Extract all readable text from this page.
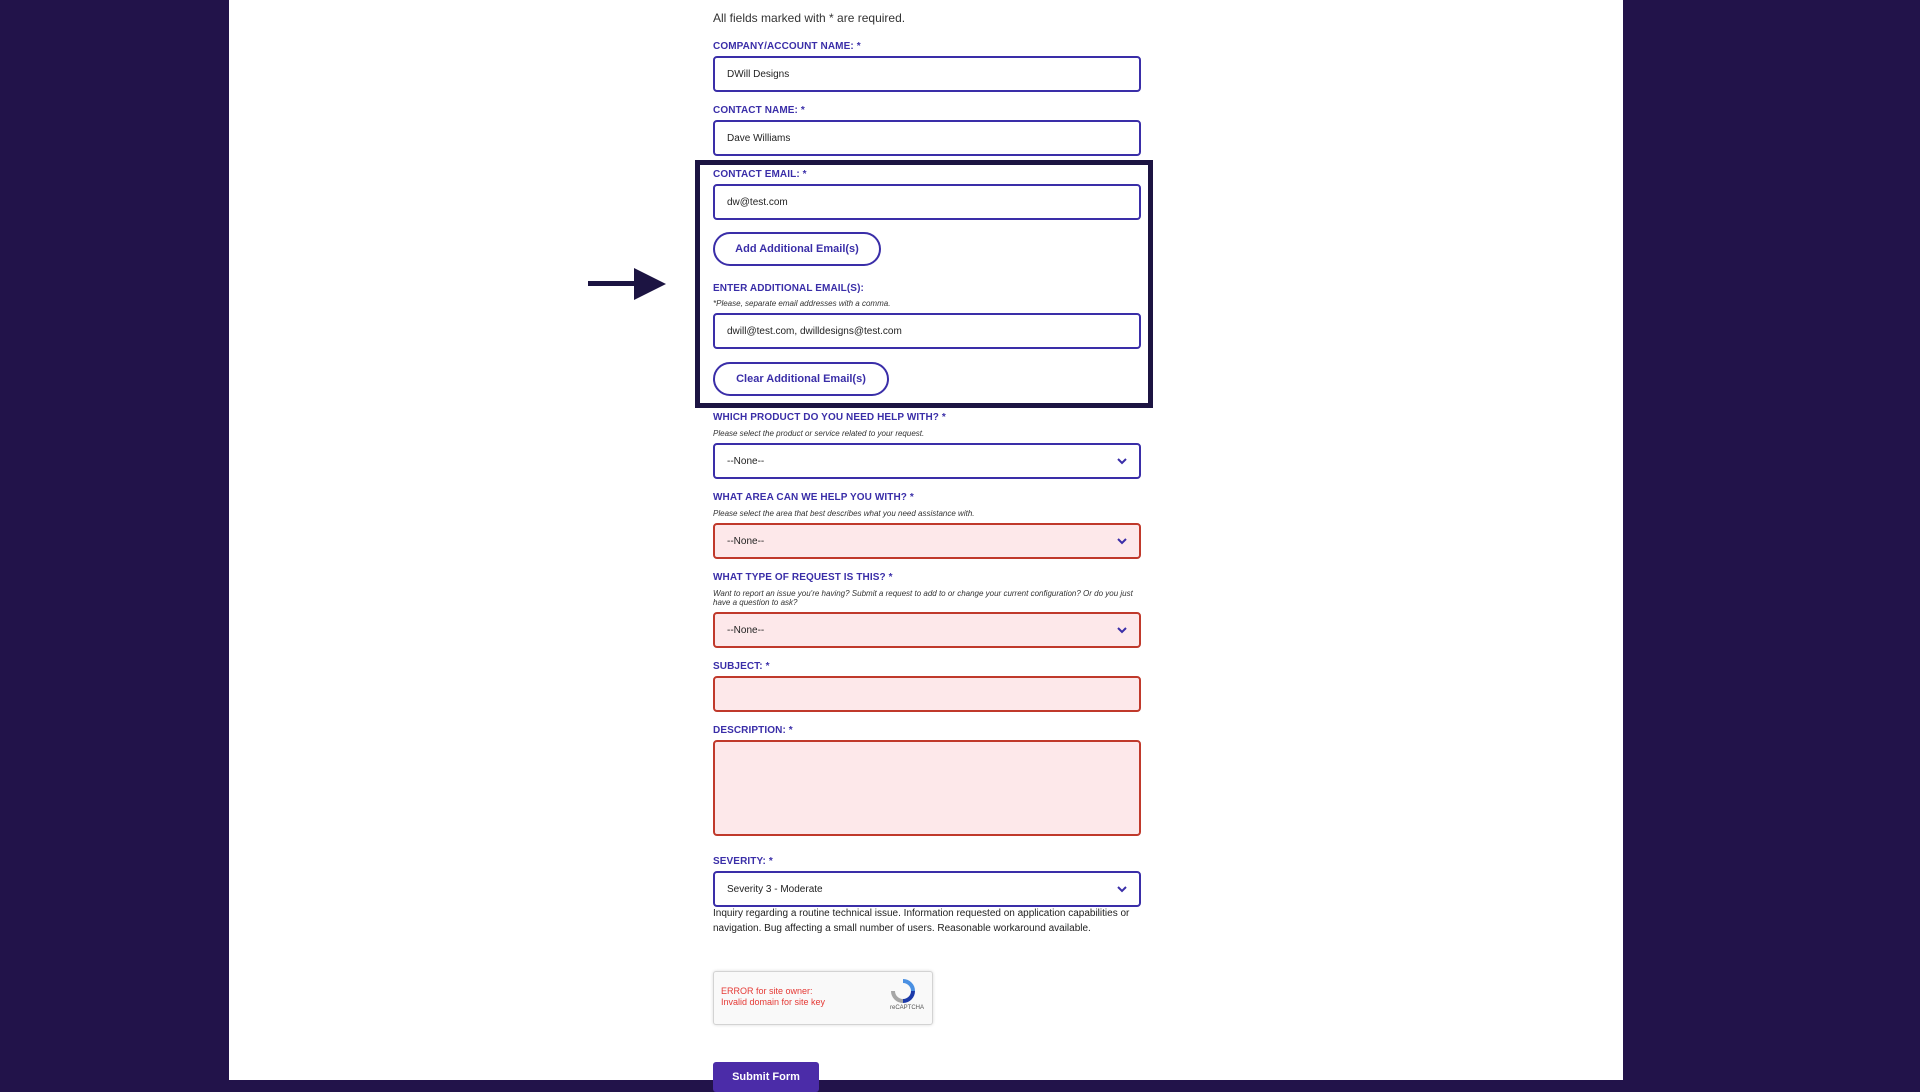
All fields marked with * are required.
COMPANY/ACCOUNT NAME: *
DWill Designs
CONTACT NAME: *
Dave Williams
CONTACT EMAIL: *
dw@test.com
Add Additional Email(s)
ENTER ADDITIONAL EMAIL(S):
*Please, separate email addresses with a comma.
dwill@test.com, dwilldesigns@test.com
Clear Additional Email(s)
WHICH PRODUCT DO YOU NEED HELP WITH? *
Please select the product or service related to your request.
--None--
WHAT AREA CAN WE HELP YOU WITH? *
Please select the area that best describes what you need assistance with.
--None--
WHAT TYPE OF REQUEST IS THIS? *
Want to report an issue you're having? Submit a request to add to or change your current configuration? Or do you just have a question to ask?
--None--
SUBJECT: *
DESCRIPTION: *
SEVERITY: *
Severity 3 - Moderate
Inquiry regarding a routine technical issue. Information requested on application capabilities or navigation. Bug affecting a small number of users. Reasonable workaround available.
ERROR for site owner:
Invalid domain for site key
reCAPTCHA
Submit Form
